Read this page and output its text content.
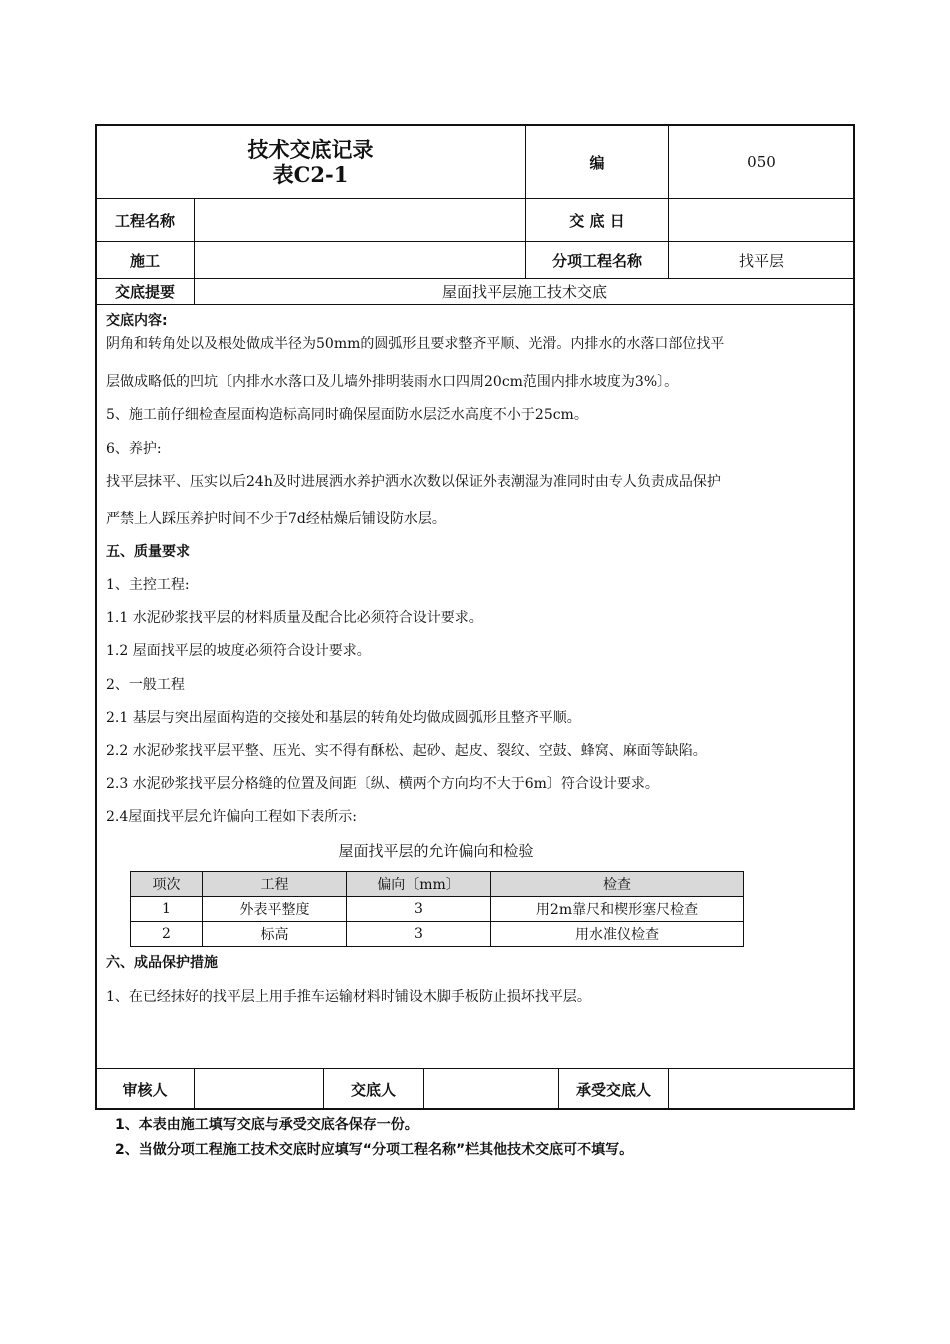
技术交底记录
表C2-1	编	050
工程名称	交 底 日
施工	分项工程名称	找平层
交底提要	屋面找平层施工技术交底
交底内容:
阴角和转角处以及根处做成半径为50mm的圆弧形且要求整齐平顺、光滑。内排水的水落口部位找平
层做成略低的凹坑〔内排水水落口及儿墙外排明装雨水口四周20cm范围内排水坡度为3%〕。
5、施工前仔细检查屋面构造标高同时确保屋面防水层泛水高度不小于25cm。
6、养护:
找平层抹平、压实以后24h及时进展洒水养护洒水次数以保证外表潮湿为准同时由专人负责成品保护
严禁上人踩压养护时间不少于7d经枯燥后铺设防水层。
五、质量要求
1、主控工程:
1.1 水泥砂浆找平层的材料质量及配合比必须符合设计要求。
1.2 屋面找平层的坡度必须符合设计要求。
2、一般工程
2.1 基层与突出屋面构造的交接处和基层的转角处均做成圆弧形且整齐平顺。
2.2 水泥砂浆找平层平整、压光、实不得有酥松、起砂、起皮、裂纹、空鼓、蜂窝、麻面等缺陷。
2.3 水泥砂浆找平层分格缝的位置及间距〔纵、横两个方向均不大于6m〕符合设计要求。
2.4屋面找平层允许偏向工程如下表所示:
屋面找平层的允许偏向和检验
项次	工程	偏向〔mm〕	检查
1	外表平整度	3	用2m靠尺和楔形塞尺检查
2	标高	3	用水准仪检查
六、成品保护措施
1、在已经抹好的找平层上用手推车运输材料时铺设木脚手板防止损坏找平层。
审核人	交底人	承受交底人
1、本表由施工填写交底与承受交底各保存一份。
2、当做分项工程施工技术交底时应填写“分项工程名称”栏其他技术交底可不填写。
